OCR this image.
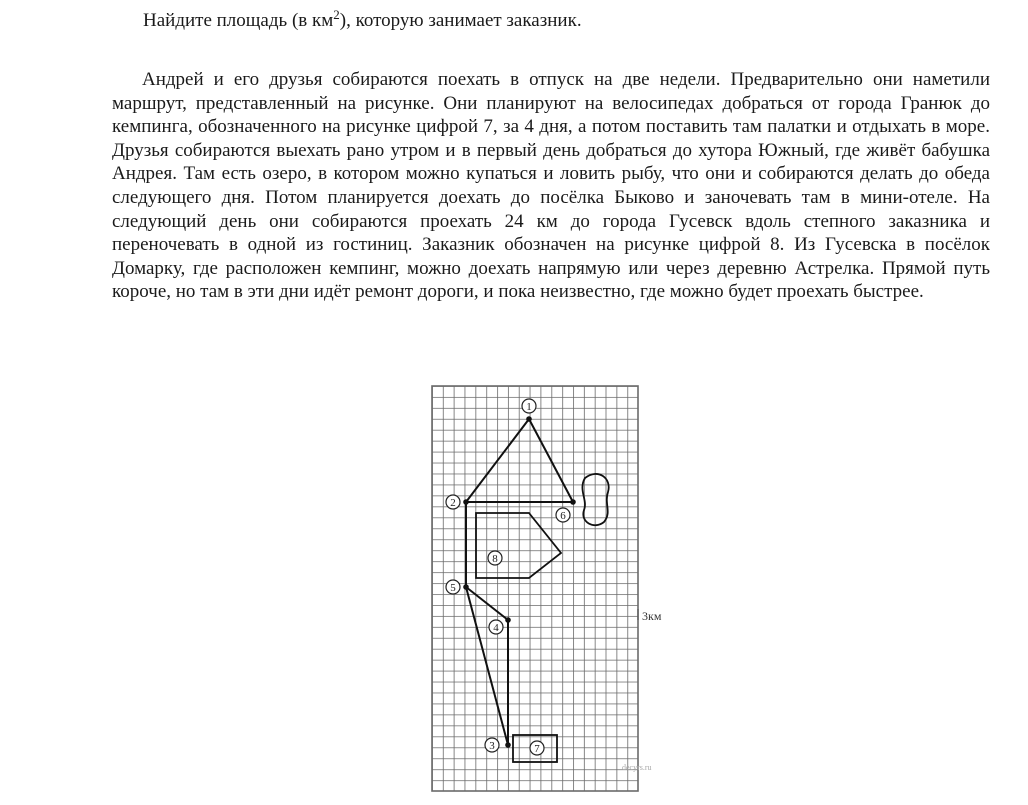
Найдите площадь (в $км^2$), которую занимает заказник.
Андрей и его друзья собираются поехать в отпуск на две недели. Предварительно они наметили маршрут, представленный на рисунке. Они планируют на велосипедах добраться от города Гранюк до кемпинга, обозначенного на рисунке цифрой 7, за 4 дня, а потом поставить там палатки и отдыхать в море. Друзья собираются выехать рано утром и в первый день добраться до хутора Южный, где живёт бабушка Андрея. Там есть озеро, в котором можно купаться и ловить рыбу, что они и собираются делать до обеда следующего дня. Потом планируется доехать до посёлка Быково и заночевать там в мини-отеле. На следующий день они собираются проехать 24 км до города Гусевск вдоль степного заказника и переночевать в одной из гостиниц. Заказник обозначен на рисунке цифрой 8. Из Гусевска в посёлок Домарку, где расположен кемпинг, можно доехать напрямую или через деревню Астрелка. Прямой путь короче, но там в эти дни идёт ремонт дороги, и пока неизвестно, где можно будет проехать быстрее.
1
2
6
5
4
3	7
8
3км
decyrs.ru
